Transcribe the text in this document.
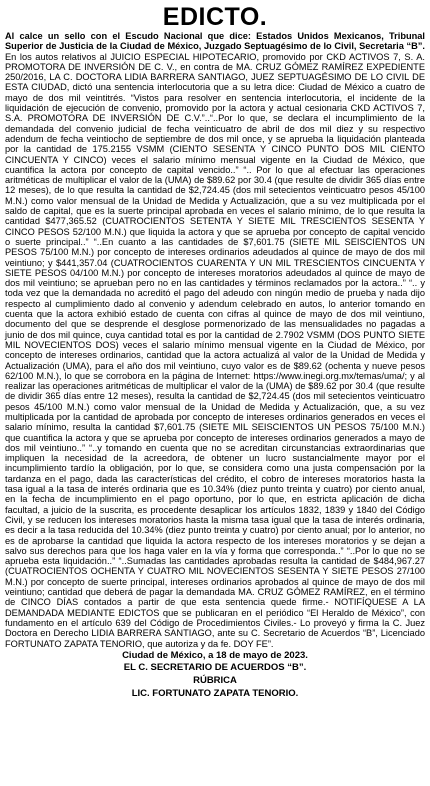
EDICTO.

Al calce un sello con el Escudo Nacional que dice: Estados Unidos Mexicanos, Tribunal Superior de Justicia de la Ciudad de México, Juzgado Septuagésimo de lo Civil, Secretaria “B”. En los autos relativos al JUICIO ESPECIAL HIPOTECARIO, promovido por CKD ACTIVOS 7, S. A. PROMOTORA DE INVERSIÓN DE C. V., en contra de MA. CRUZ GÓMEZ RAMÍREZ EXPEDIENTE 250/2016, LA C. DOCTORA LIDIA BARRERA SANTIAGO, JUEZ SEPTUAGÉSIMO DE LO CIVIL DE ESTA CIUDAD, dictó una sentencia interlocutoria que a su letra dice: Ciudad de México a cuatro de mayo de dos mil veintitrés. “Vistos para resolver en sentencia interlocutoria, el incidente de la liquidación de ejecución de convenio, promovido por la actora y actual cesionaria CKD ACTIVOS 7, S.A. PROMOTORA DE INVERSIÓN DE C.V.”..“..Por lo que, se declara el incumplimiento de la demandada del convenio judicial de fecha veinticuatro de abril de dos mil diez y su respectivo adendum de fecha veintiocho de septiembre de dos mil once, y se aprueba la liquidación planteada por la cantidad de 175.2155 VSMM (CIENTO SESENTA Y CINCO PUNTO DOS MIL CIENTO CINCUENTA Y CINCO) veces el salario mínimo mensual vigente en la Ciudad de México, que cuantifica la actora por concepto de capital vencido..” “.. Por lo que al efectuar las operaciones aritméticas de multiplicar el valor de la (UMA) de $89.62 por 30.4 (que resulte de dividir 365 días entre 12 meses), de lo que resulta la cantidad de $2,724.45 (dos mil setecientos veinticuatro pesos 45/100 M.N.) como valor mensual de la Unidad de Medida y Actualización, que a su vez multiplicada por el saldo de capital, que es la suerte principal aprobada en veces el salario mínimo, de lo que resulta la cantidad $477,365.52 (CUATROCIENTOS SETENTA Y SIETE MIL TRESCIENTOS SESENTA Y CINCO PESOS 52/100 M.N.) que liquida la actora y que se aprueba por concepto de capital vencido o suerte principal..” “..En cuanto a las cantidades de $7,601.75 (SIETE MIL SEISCIENTOS UN PESOS 75/100 M.N.) por concepto de intereses ordinarios adeudados al quince de mayo de dos mil veintiuno; y $441,357.04 (CUATROCIENTOS CUARENTA Y UN MIL TRESCIENTOS CINCUENTA Y SIETE PESOS 04/100 M.N.) por concepto de intereses moratorios adeudados al quince de mayo de dos mil veintiuno; se aprueban pero no en las cantidades y términos reclamados por la actora..” “.. y toda vez que la demandada no acreditó el pago del adeudo con ningún medio de prueba y nada dijo respecto al cumplimiento dado al convenio y adendum celebrado en autos, lo anterior tomando en cuenta que la actora exhibió estado de cuenta con cifras al quince de mayo de dos mil veintiuno, documento del que se desprende el desglose pormenorizado de las mensualidades no pagadas a junio de dos mil quince, cuya cantidad total es por la cantidad de 2.7902 VSMM (DOS PUNTO SIETE MIL NOVECIENTOS DOS) veces el salario mínimo mensual vigente en la Ciudad de México, por concepto de intereses ordinarios, cantidad que la actora actualizá al valor de la Unidad de Medida y Actualización (UMA), para el año dos mil veintiuno, cuyo valor es de $89.62 (ochenta y nueve pesos 62/100 M.N.), lo que se corrobora en la página de Internet: https://www.inegi.org.mx/temas/uma/; y al realizar las operaciones aritméticas de multiplicar el valor de la (UMA) de $89.62 por 30.4 (que resulte de dividir 365 días entre 12 meses), resulta la cantidad de $2,724.45 (dos mil setecientos veinticuatro pesos 45/100 M.N.) como valor mensual de la Unidad de Medida y Actualización, que, a su vez multiplicada por la cantidad de aprobada por concepto de intereses ordinarios generados en veces el salario mínimo, resulta la cantidad $7,601.75 (SIETE MIL SEISCIENTOS UN PESOS 75/100 M.N.) que cuantifica la actora y que se aprueba por concepto de intereses ordinarios generados a mayo de dos mil veintiuno..” “..y tomando en cuenta que no se acreditan circunstancias extraordinarias que impliquen la necesidad de la acreedora, de obtener un lucro sustancialmente mayor por el incumplimiento tardío la obligación, por lo que, se considera como una justa compensación por la tardanza en el pago, dada las características del crédito, el cobro de intereses moratorios hasta la tasa igual a la tasa de interés ordinaria que es 10.34% (diez punto treinta y cuatro) por ciento anual, en la fecha de incumplimiento en el pago oportuno, por lo que, en estricta aplicación de dicha facultad, a juicio de la suscrita, es procedente desaplicar los artículos 1832, 1839 y 1840 del Código Civil, y se reducen los intereses moratorios hasta la misma tasa igual que la tasa de interés ordinaria, es decir a la tasa reducida del 10.34% (diez punto treinta y cuatro) por ciento anual; por lo anterior, no es de aprobarse la cantidad que liquida la actora respecto de los intereses moratorios y se dejan a salvo sus derechos para que los haga valer en la vía y forma que corresponda..” “..Por lo que no se aprueba esta liquidación..” “..Sumadas las cantidades aprobadas resulta la cantidad de $484,967.27 (CUATROCIENTOS OCHENTA Y CUATRO MIL NOVECIENTOS SESENTA Y SIETE PESOS 27/100 M.N.) por concepto de suerte principal, intereses ordinarios aprobados al quince de mayo de dos mil veintiuno; cantidad que deberá de pagar la demandada MA. CRUZ GÓMEZ RAMÍREZ, en el término de CINCO DÍAS contados a partir de que esta sentencia quede firme.- NOTIFÍQUESE A LA DEMANDADA MEDIANTE EDICTOS que se publicaran en el periódico “El Heraldo de México”, con fundamento en el artículo 639 del Código de Procedimientos Civiles.- Lo proveyó y firma la C. Juez Doctora en Derecho LIDIA BARRERA SANTIAGO, ante su C. Secretario de Acuerdos “B”, Licenciado FORTUNATO ZAPATA TENORIO, que autoriza y da fe. DOY FE”.

Ciudad de México, a 18 de mayo de 2023.
EL C. SECRETARIO DE ACUERDOS “B”.
RÚBRICA
LIC. FORTUNATO ZAPATA TENORIO.
